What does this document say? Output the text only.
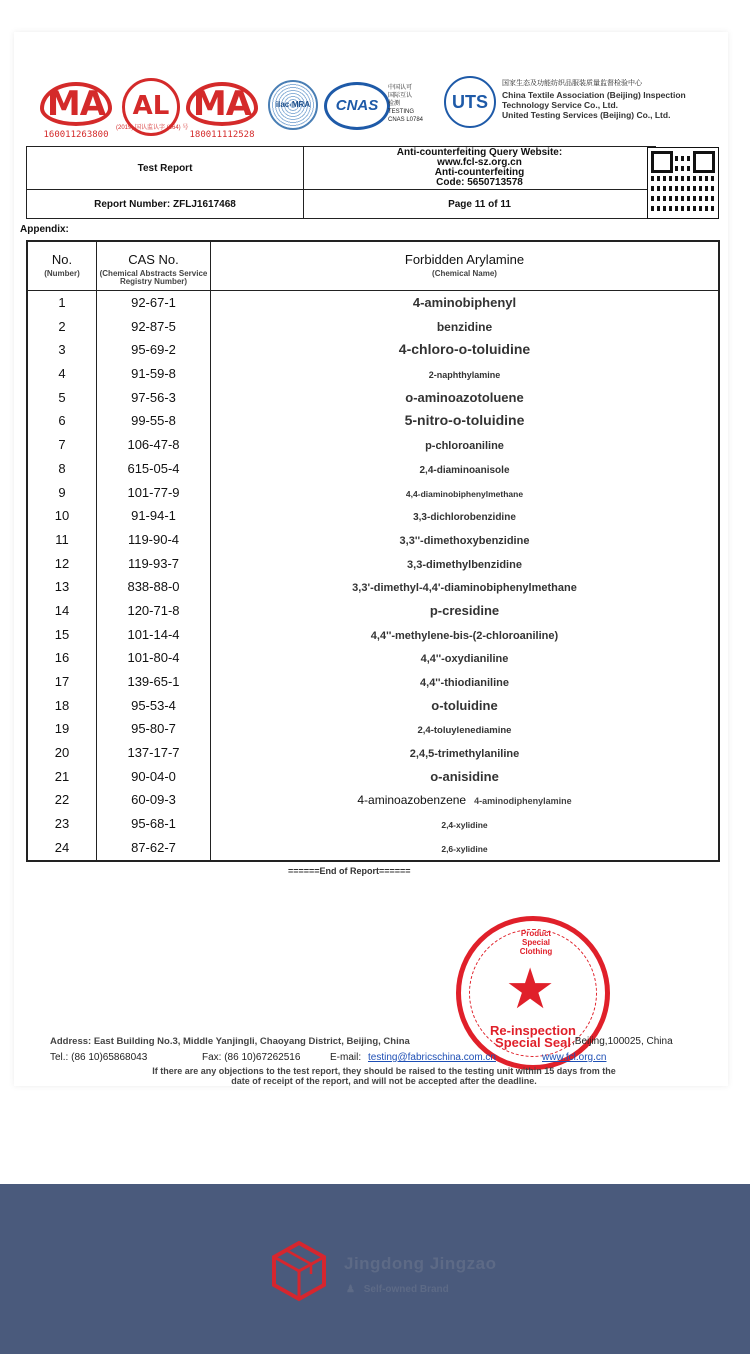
MA
160011263800
AL MA
180011112528
ilac-MRA	CNAS
中国认可
国际互认
检测
TESTING
CNAS L0784
UTS
国家生态及功能纺织品服装质量监督检验中心
China Textile Association (Beijing) Inspection
Technology Service Co., Ltd.
United Testing Services (Beijing) Co., Ltd.
(2019) 国认监认字 (664) 号
Test Report	Anti-counterfeiting Query Website:
www.fcl-sz.org.cn
Anti-counterfeiting
Code: 5650713578

Report Number: ZFLJ1617468	Page 11 of 11
Appendix:
No.
(Number)
CAS No.
(Chemical Abstracts Service Registry Number)
Forbidden Arylamine
(Chemical Name)
1	92-67-1	4-aminobiphenyl
2	92-87-5	benzidine
3	95-69-2	4-chloro-o-toluidine
4	91-59-8	2-naphthylamine
5	97-56-3	o-aminoazotoluene
6	99-55-8	5-nitro-o-toluidine
7	106-47-8	p-chloroaniline
8	615-05-4	2,4-diaminoanisole
9	101-77-9	4,4-diaminobiphenylmethane
10	91-94-1	3,3-dichlorobenzidine
11	119-90-4	3,3''-dimethoxybenzidine
12	119-93-7	3,3-dimethylbenzidine
13	838-88-0	3,3'-dimethyl-4,4'-diaminobiphenylmethane
14	120-71-8	p-cresidine
15	101-14-4	4,4''-methylene-bis-(2-chloroaniline)
16	101-80-4	4,4''-oxydianiline
17	139-65-1	4,4''-thiodianiline
18	95-53-4	o-toluidine
19	95-80-7	2,4-toluylenediamine
20	137-17-7	2,4,5-trimethylaniline
21	90-04-0	o-anisidine
22	60-09-3	4-aminoazobenzene 4-aminodiphenylamine
23	95-68-1	2,4-xylidine
24	87-62-7	2,6-xylidine
======End of Report======
Product Special Clothing
★
Re-inspection Special Seal
Address: East Building No.3, Middle Yanjingli, Chaoyang District, Beijing, China	,Beijing,100025, China
Tel.: (86 10)65868043	Fax: (86 10)67262516	E-mail: testing@fabricschina.com.cn	www.fcl.org.cn
If there are any objections to the test report, they should be raised to the testing unit within 15 days from the date of receipt of the report, and will not be accepted after the deadline.
Jingdong Jingzao
♟ Self-owned Brand
